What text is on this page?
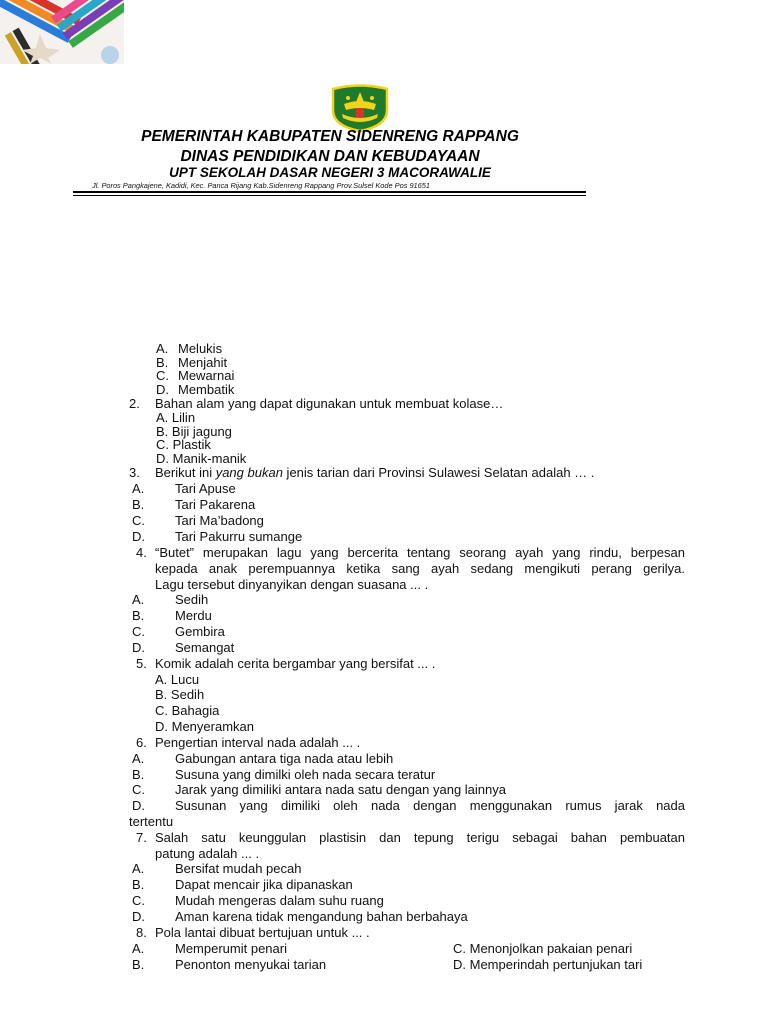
PEMERINTAH KABUPATEN SIDENRENG RAPPANG
DINAS PENDIDIKAN DAN KEBUDAYAAN
UPT SEKOLAH DASAR NEGERI 3 MACORAWALIE
Jl. Poros Pangkajene, Kadidi, Kec. Panca Rijang Kab.Sidenreng Rappang Prov.Sulsel Kode Pos 91651
A. Melukis
B. Menjahit
C. Mewarnai
D. Membatik
2. Bahan alam yang dapat digunakan untuk membuat kolase…
A. Lilin
B. Biji jagung
C. Plastik
D. Manik-manik
3. Berikut ini yang bukan jenis tarian dari Provinsi Sulawesi Selatan adalah … .
A. Tari Apuse
B. Tari Pakarena
C. Tari Ma’badong
D. Tari Pakurru sumange
4. “Butet” merupakan lagu yang bercerita tentang seorang ayah yang rindu, berpesan
kepada anak perempuannya ketika sang ayah sedang mengikuti perang gerilya.
Lagu tersebut dinyanyikan dengan suasana ... .
A. Sedih
B. Merdu
C. Gembira
D. Semangat
5. Komik adalah cerita bergambar yang bersifat ... .
A. Lucu
B. Sedih
C. Bahagia
D. Menyeramkan
6. Pengertian interval nada adalah ... .
A. Gabungan antara tiga nada atau lebih
B. Susuna yang dimilki oleh nada secara teratur
C. Jarak yang dimiliki antara nada satu dengan yang lainnya
D. Susunan yang dimiliki oleh nada dengan menggunakan rumus jarak nada
tertentu
7. Salah satu keunggulan plastisin dan tepung terigu sebagai bahan pembuatan
patung adalah ... .
A. Bersifat mudah pecah
B. Dapat mencair jika dipanaskan
C. Mudah mengeras dalam suhu ruang
D. Aman karena tidak mengandung bahan berbahaya
8. Pola lantai dibuat bertujuan untuk ... .
A. Memperumit penari	C. Menonjolkan pakaian penari
B. Penonton menyukai tarian	D. Memperindah pertunjukan tari
